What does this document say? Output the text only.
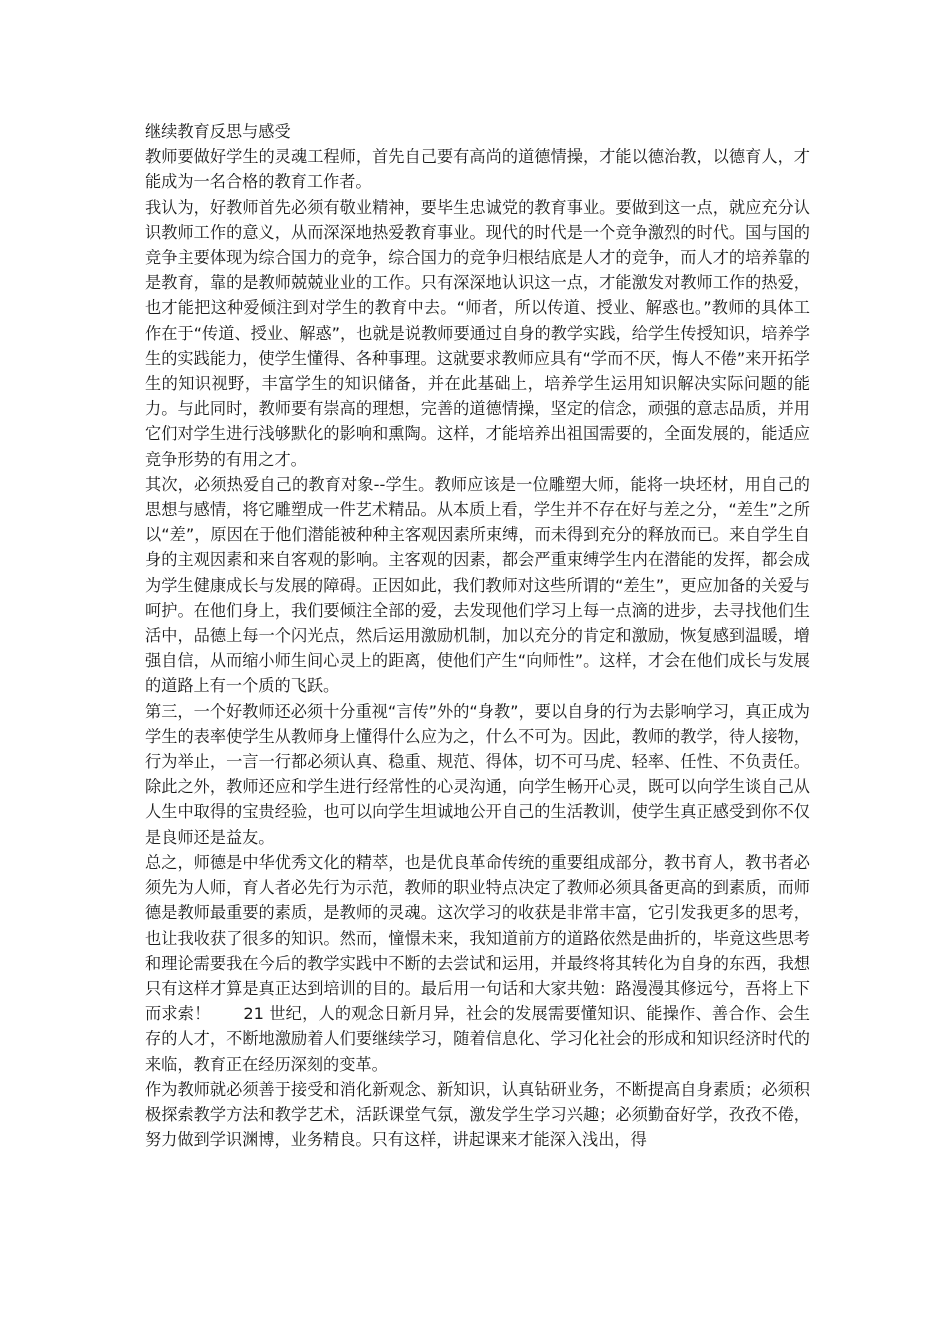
继续教育反思与感受

教师要做好学生的灵魂工程师，首先自己要有高尚的道德情操，才能以德治教，以德育人，才能成为一名合格的教育工作者。

我认为，好教师首先必须有敬业精神，要毕生忠诚党的教育事业。要做到这一点，就应充分认识教师工作的意义，从而深深地热爱教育事业。现代的时代是一个竞争激烈的时代。国与国的竞争主要体现为综合国力的竞争，综合国力的竞争归根结底是人才的竞争，而人才的培养靠的是教育，靠的是教师兢兢业业的工作。只有深深地认识这一点，才能激发对教师工作的热爱，也才能把这种爱倾注到对学生的教育中去。“师者，所以传道、授业、解惑也。”教师的具体工作在于“传道、授业、解惑”，也就是说教师要通过自身的教学实践，给学生传授知识，培养学生的实践能力，使学生懂得、各种事理。这就要求教师应具有“学而不厌，悔人不倦”来开拓学生的知识视野，丰富学生的知识储备，并在此基础上，培养学生运用知识解决实际问题的能力。与此同时，教师要有崇高的理想，完善的道德情操，坚定的信念，顽强的意志品质，并用它们对学生进行浅够默化的影响和熏陶。这样，才能培养出祖国需要的，全面发展的，能适应竞争形势的有用之才。

其次，必须热爱自己的教育对象--学生。教师应该是一位雕塑大师，能将一块坯材，用自己的思想与感情，将它雕塑成一件艺术精品。从本质上看，学生并不存在好与差之分，“差生”之所以“差”，原因在于他们潜能被种种主客观因素所束缚，而未得到充分的释放而已。来自学生自身的主观因素和来自客观的影响。主客观的因素，都会严重束缚学生内在潜能的发挥，都会成为学生健康成长与发展的障碍。正因如此，我们教师对这些所谓的“差生”，更应加备的关爱与呵护。在他们身上，我们要倾注全部的爱，去发现他们学习上每一点滴的进步，去寻找他们生活中，品德上每一个闪光点，然后运用激励机制，加以充分的肯定和激励，恢复感到温暖，增强自信，从而缩小师生间心灵上的距离，使他们产生“向师性”。这样，才会在他们成长与发展的道路上有一个质的飞跃。

第三，一个好教师还必须十分重视“言传”外的“身教”，要以自身的行为去影响学习，真正成为学生的表率使学生从教师身上懂得什么应为之，什么不可为。因此，教师的教学，待人接物，行为举止，一言一行都必须认真、稳重、规范、得体，切不可马虎、轻率、任性、不负责任。除此之外，教师还应和学生进行经常性的心灵沟通，向学生畅开心灵，既可以向学生谈自己从人生中取得的宝贵经验，也可以向学生坦诚地公开自己的生活教训，使学生真正感受到你不仅是良师还是益友。

总之，师德是中华优秀文化的精萃，也是优良革命传统的重要组成部分，教书育人，教书者必须先为人师，育人者必先行为示范，教师的职业特点决定了教师必须具备更高的到素质，而师德是教师最重要的素质，是教师的灵魂。这次学习的收获是非常丰富，它引发我更多的思考，也让我收获了很多的知识。然而，憧憬未来，我知道前方的道路依然是曲折的，毕竟这些思考和理论需要我在今后的教学实践中不断的去尝试和运用，并最终将其转化为自身的东西，我想只有这样才算是真正达到培训的目的。最后用一句话和大家共勉：路漫漫其修远兮，吾将上下而求索！　　21 世纪，人的观念日新月异，社会的发展需要懂知识、能操作、善合作、会生存的人才，不断地激励着人们要继续学习，随着信息化、学习化社会的形成和知识经济时代的来临，教育正在经历深刻的变革。

作为教师就必须善于接受和消化新观念、新知识，认真钻研业务，不断提高自身素质；必须积极探索教学方法和教学艺术，活跃课堂气氛，激发学生学习兴趣；必须勤奋好学，孜孜不倦，努力做到学识渊博，业务精良。只有这样，讲起课来才能深入浅出，得
